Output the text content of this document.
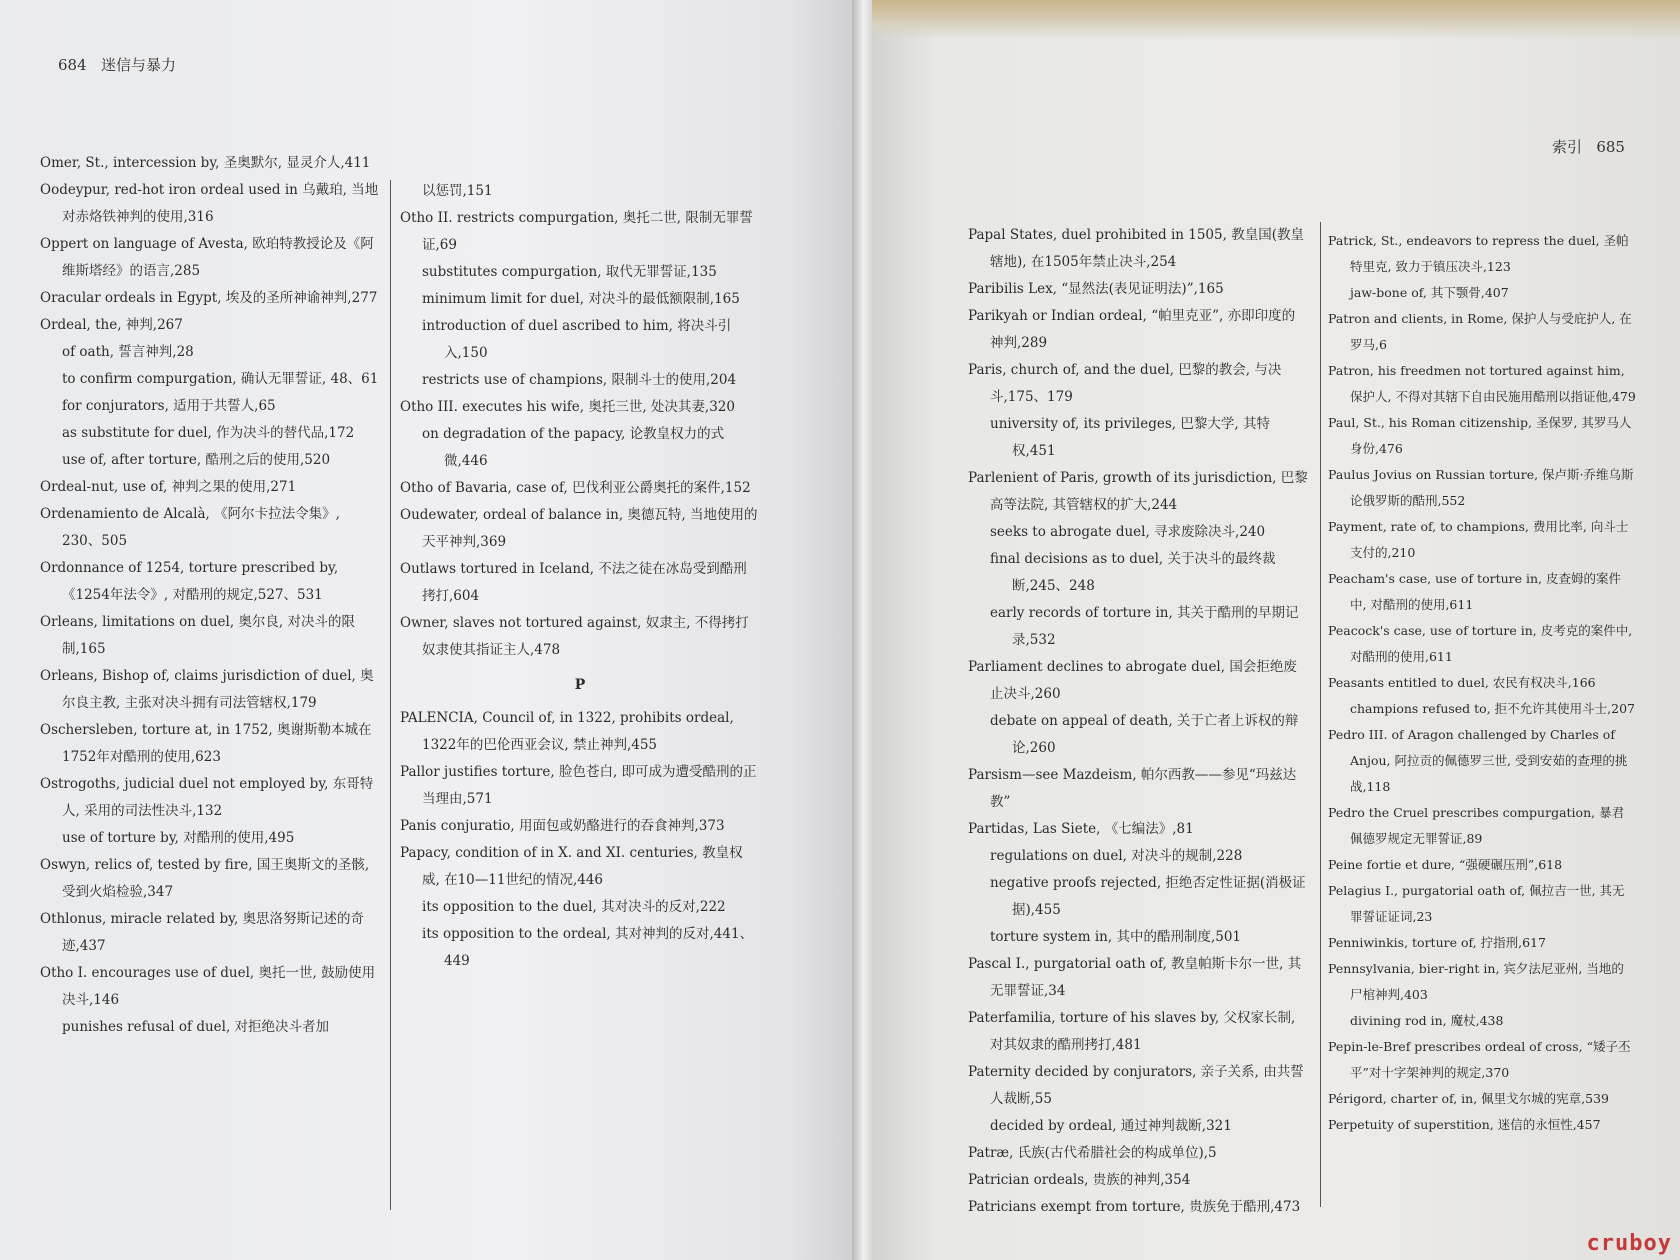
684 迷信与暴力

Omer, St., intercession by, 圣奥默尔, 显灵介人,411

Oodeypur, red-hot iron ordeal used in 乌戴珀, 当地对赤烙铁神判的使用,316

Oppert on language of Avesta, 欧珀特教授论及《阿维斯塔经》的语言,285

Oracular ordeals in Egypt, 埃及的圣所神谕神判,277

Ordeal, the, 神判,267

of oath, 誓言神判,28

to confirm compurgation, 确认无罪誓证, 48、61

for conjurators, 适用于共誓人,65

as substitute for duel, 作为决斗的替代品,172

use of, after torture, 酷刑之后的使用,520

Ordeal-nut, use of, 神判之果的使用,271

Ordenamiento de Alcalà, 《阿尔卡拉法令集》, 230、505

Ordonnance of 1254, torture prescribed by, 《1254年法令》, 对酷刑的规定,527、531

Orleans, limitations on duel, 奥尔良, 对决斗的限制,165

Orleans, Bishop of, claims jurisdiction of duel, 奥尔良主教, 主张对决斗拥有司法管辖权,179

Oschersleben, torture at, in 1752, 奥谢斯勒本城在1752年对酷刑的使用,623

Ostrogoths, judicial duel not employed by, 东哥特人, 采用的司法性决斗,132

use of torture by, 对酷刑的使用,495

Oswyn, relics of, tested by fire, 国王奥斯文的圣骸, 受到火焰检验,347

Othlonus, miracle related by, 奥思洛努斯记述的奇迹,437

Otho I. encourages use of duel, 奥托一世, 鼓励使用决斗,146

punishes refusal of duel, 对拒绝决斗者加

以惩罚,151

Otho II. restricts compurgation, 奥托二世, 限制无罪誓证,69

substitutes compurgation, 取代无罪誓证,135

minimum limit for duel, 对决斗的最低额限制,165

introduction of duel ascribed to him, 将决斗引入,150

restricts use of champions, 限制斗士的使用,204

Otho III. executes his wife, 奥托三世, 处决其妻,320

on degradation of the papacy, 论教皇权力的式微,446

Otho of Bavaria, case of, 巴伐利亚公爵奥托的案件,152

Oudewater, ordeal of balance in, 奥德瓦特, 当地使用的天平神判,369

Outlaws tortured in Iceland, 不法之徒在冰岛受到酷刑拷打,604

Owner, slaves not tortured against, 奴隶主, 不得拷打奴隶使其指证主人,478

P

PALENCIA, Council of, in 1322, prohibits ordeal, 1322年的巴伦西亚会议, 禁止神判,455

Pallor justifies torture, 脸色苍白, 即可成为遭受酷刑的正当理由,571

Panis conjuratio, 用面包或奶酪进行的吞食神判,373

Papacy, condition of in X. and XI. centuries, 教皇权威, 在10—11世纪的情况,446

its opposition to the duel, 其对决斗的反对,222

its opposition to the ordeal, 其对神判的反对,441、449

索引 685

Papal States, duel prohibited in 1505, 教皇国(教皇辖地), 在1505年禁止决斗,254

Paribilis Lex, “显然法(表见证明法)”,165

Parikyah or Indian ordeal, “帕里克亚”, 亦即印度的神判,289

Paris, church of, and the duel, 巴黎的教会, 与决斗,175、179

university of, its privileges, 巴黎大学, 其特权,451

Parlenient of Paris, growth of its jurisdiction, 巴黎高等法院, 其管辖权的扩大,244

seeks to abrogate duel, 寻求废除决斗,240

final decisions as to duel, 关于决斗的最终裁断,245、248

early records of torture in, 其关于酷刑的早期记录,532

Parliament declines to abrogate duel, 国会拒绝废止决斗,260

debate on appeal of death, 关于亡者上诉权的辩论,260

Parsism—see Mazdeism, 帕尔西教——参见“玛兹达教”

Partidas, Las Siete, 《七编法》,81

regulations on duel, 对决斗的规制,228

negative proofs rejected, 拒绝否定性证据(消极证据),455

torture system in, 其中的酷刑制度,501

Pascal I., purgatorial oath of, 教皇帕斯卡尔一世, 其无罪誓证,34

Paterfamilia, torture of his slaves by, 父权家长制, 对其奴隶的酷刑拷打,481

Paternity decided by conjurators, 亲子关系, 由共誓人裁断,55

decided by ordeal, 通过神判裁断,321

Patræ, 氏族(古代希腊社会的构成单位),5

Patrician ordeals, 贵族的神判,354

Patricians exempt from torture, 贵族免于酷刑,473

Patrick, St., endeavors to repress the duel, 圣帕特里克, 致力于镇压决斗,123

jaw-bone of, 其下颚骨,407

Patron and clients, in Rome, 保护人与受庇护人, 在罗马,6

Patron, his freedmen not tortured against him, 保护人, 不得对其辖下自由民施用酷刑以指证他,479

Paul, St., his Roman citizenship, 圣保罗, 其罗马人身份,476

Paulus Jovius on Russian torture, 保卢斯·乔维乌斯论俄罗斯的酷刑,552

Payment, rate of, to champions, 费用比率, 向斗士支付的,210

Peacham's case, use of torture in, 皮查姆的案件中, 对酷刑的使用,611

Peacock's case, use of torture in, 皮考克的案件中, 对酷刑的使用,611

Peasants entitled to duel, 农民有权决斗,166

champions refused to, 拒不允许其使用斗士,207

Pedro III. of Aragon challenged by Charles of Anjou, 阿拉贡的佩德罗三世, 受到安茹的查理的挑战,118

Pedro the Cruel prescribes compurgation, 暴君佩德罗规定无罪誓证,89

Peine fortie et dure, “强硬碾压刑”,618

Pelagius I., purgatorial oath of, 佩拉吉一世, 其无罪誓证证词,23

Penniwinkis, torture of, 拧指刑,617

Pennsylvania, bier-right in, 宾夕法尼亚州, 当地的尸棺神判,403

divining rod in, 魔杖,438

Pepin-le-Bref prescribes ordeal of cross, “矮子丕平”对十字架神判的规定,370

Périgord, charter of, in, 佩里戈尔城的宪章,539

Perpetuity of superstition, 迷信的永恒性,457

cruboy
